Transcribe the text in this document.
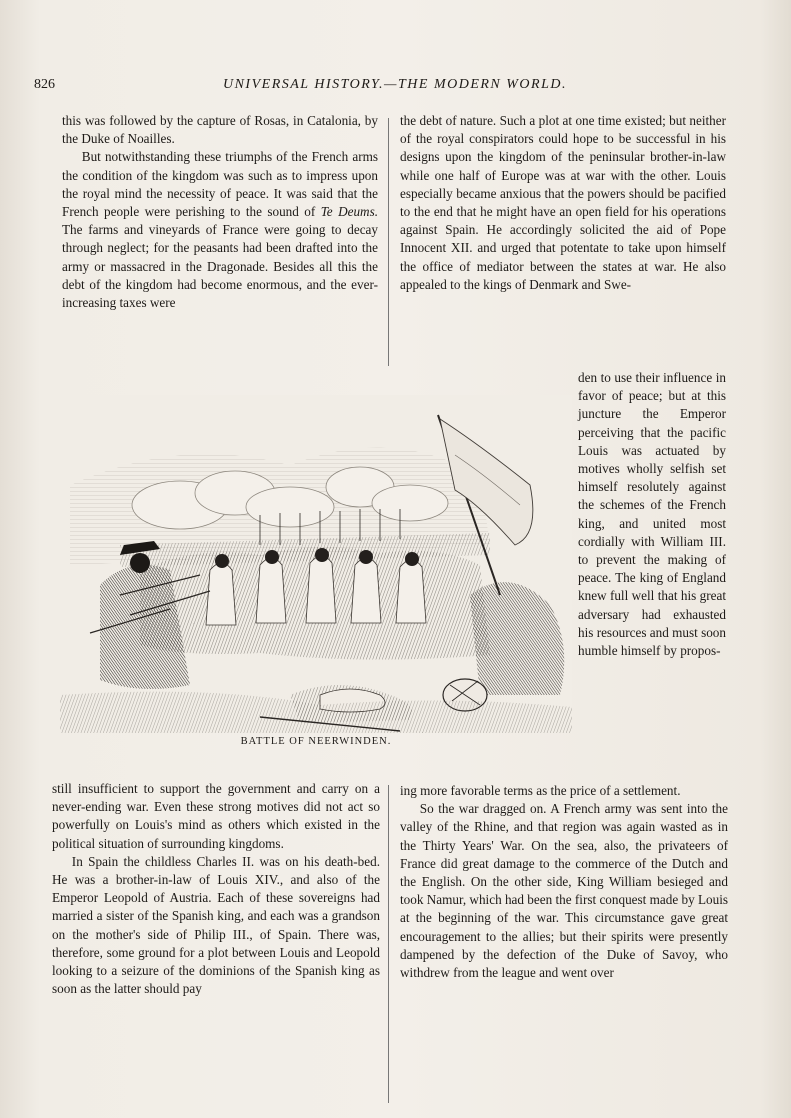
826	UNIVERSAL HISTORY.—THE MODERN WORLD.

this was followed by the capture of Rosas, in Catalonia, by the Duke of Noailles.

But notwithstanding these triumphs of the French arms the condition of the kingdom was such as to impress upon the royal mind the necessity of peace. It was said that the French people were perishing to the sound of Te Deums. The farms and vineyards of France were going to decay through neglect; for the peasants had been drafted into the army or massacred in the Dragonade. Besides all this the debt of the kingdom had become enormous, and the ever-increasing taxes were

the debt of nature. Such a plot at one time existed; but neither of the royal conspirators could hope to be successful in his designs upon the kingdom of the peninsular brother-in-law while one half of Europe was at war with the other. Louis especially became anxious that the powers should be pacified to the end that he might have an open field for his operations against Spain. He accordingly solicited the aid of Pope Innocent XII. and urged that potentate to take upon himself the office of mediator between the states at war. He also appealed to the kings of Denmark and Swe-

den to use their influence in favor of peace; but at this juncture the Emperor perceiving that the pacific Louis was actuated by motives wholly selfish set himself resolutely against the schemes of the French king, and united most cordially with William III. to prevent the making of peace. The king of England knew full well that his great adversary had exhausted his resources and must soon humble himself by propos-

BATTLE OF NEERWINDEN.

still insufficient to support the government and carry on a never-ending war. Even these strong motives did not act so powerfully on Louis's mind as others which existed in the political situation of surrounding kingdoms.

In Spain the childless Charles II. was on his death-bed. He was a brother-in-law of Louis XIV., and also of the Emperor Leopold of Austria. Each of these sovereigns had married a sister of the Spanish king, and each was a grandson on the mother's side of Philip III., of Spain. There was, therefore, some ground for a plot between Louis and Leopold looking to a seizure of the dominions of the Spanish king as soon as the latter should pay

ing more favorable terms as the price of a settlement.

So the war dragged on. A French army was sent into the valley of the Rhine, and that region was again wasted as in the Thirty Years' War. On the sea, also, the privateers of France did great damage to the commerce of the Dutch and the English. On the other side, King William besieged and took Namur, which had been the first conquest made by Louis at the beginning of the war. This circumstance gave great encouragement to the allies; but their spirits were presently dampened by the defection of the Duke of Savoy, who withdrew from the league and went over
